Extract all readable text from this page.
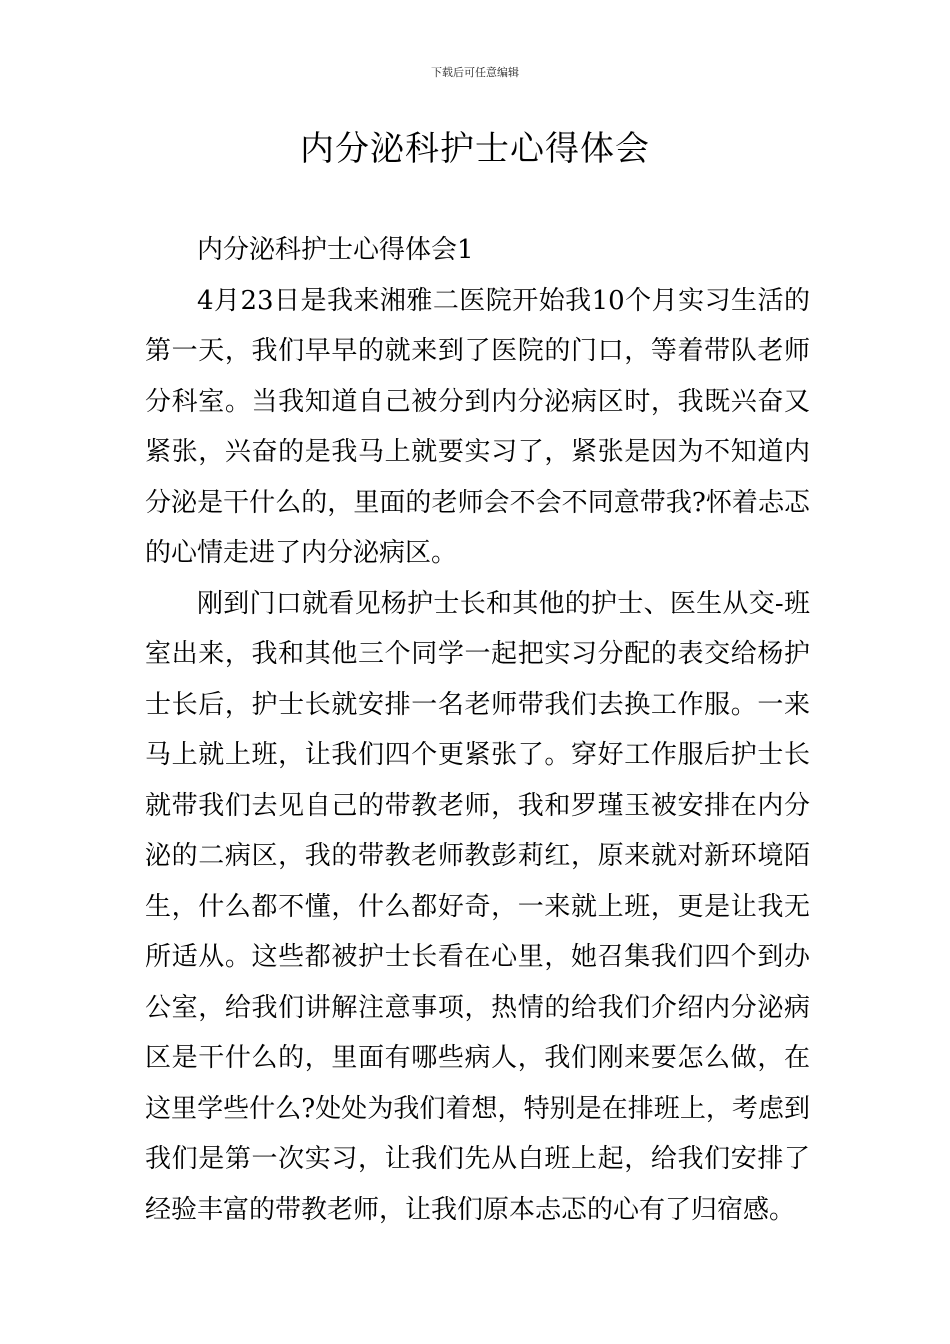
下载后可任意编辑
内分泌科护士心得体会

内分泌科护士心得体会1

4月23日是我来湘雅二医院开始我10个月实习生活的第一天，我们早早的就来到了医院的门口，等着带队老师分科室。当我知道自己被分到内分泌病区时，我既兴奋又紧张，兴奋的是我马上就要实习了，紧张是因为不知道内分泌是干什么的，里面的老师会不会不同意带我?怀着忐忑的心情走进了内分泌病区。

刚到门口就看见杨护士长和其他的护士、医生从交-班室出来，我和其他三个同学一起把实习分配的表交给杨护士长后，护士长就安排一名老师带我们去换工作服。一来马上就上班，让我们四个更紧张了。穿好工作服后护士长就带我们去见自己的带教老师，我和罗瑾玉被安排在内分泌的二病区，我的带教老师教彭莉红，原来就对新环境陌生，什么都不懂，什么都好奇，一来就上班，更是让我无所适从。这些都被护士长看在心里，她召集我们四个到办公室，给我们讲解注意事项，热情的给我们介绍内分泌病区是干什么的，里面有哪些病人，我们刚来要怎么做，在这里学些什么?处处为我们着想，特别是在排班上，考虑到我们是第一次实习，让我们先从白班上起，给我们安排了经验丰富的带教老师，让我们原本忐忑的心有了归宿感。
